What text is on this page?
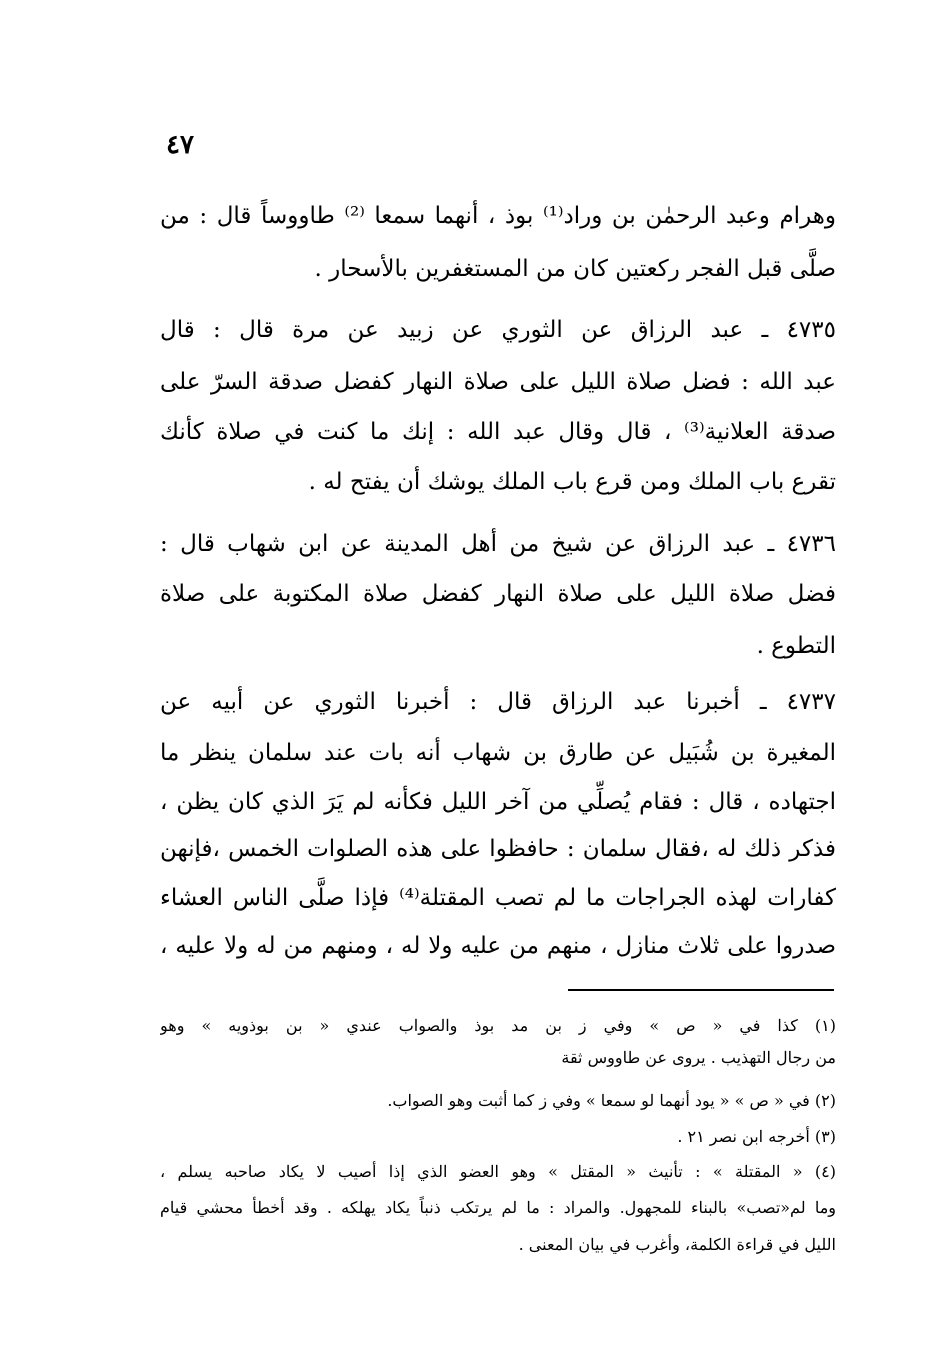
٤٧
وهرام وعبد الرحمٰن بن وراد⁽¹⁾ بوذ ، أنهما سمعا ⁽²⁾ طاووساً قال : من
صلَّى قبل الفجر ركعتين كان من المستغفرين بالأسحار .
٤٧٣٥ ـ عبد الرزاق عن الثوري عن زبيد عن مرة قال : قال
عبد الله : فضل صلاة الليل على صلاة النهار كفضل صدقة السرّ على
صدقة العلانية⁽³⁾ ، قال وقال عبد الله : إنك ما كنت في صلاة كأنك
تقرع باب الملك ومن قرع باب الملك يوشك أن يفتح له .
٤٧٣٦ ـ عبد الرزاق عن شيخ من أهل المدينة عن ابن شهاب قال :
فضل صلاة الليل على صلاة النهار كفضل صلاة المكتوبة على صلاة
التطوع .
٤٧٣٧ ـ أخبرنا عبد الرزاق قال : أخبرنا الثوري عن أبيه عن
المغيرة بن شُبَيل عن طارق بن شهاب أنه بات عند سلمان ينظر ما
اجتهاده ، قال : فقام يُصلِّي من آخر الليل فكأنه لم يَرَ الذي كان يظن ،
فذكر ذلك له ،فقال سلمان : حافظوا على هذه الصلوات الخمس ،فإنهن
كفارات لهذه الجراجات ما لم تصب المقتلة⁽⁴⁾ فإذا صلَّى الناس العشاء
صدروا على ثلاث منازل ، منهم من عليه ولا له ، ومنهم من له ولا عليه ،
(١) كذا في « ص » وفي ز بن مد بوذ والصواب عندي « بن بوذويه » وهو
من رجال التهذيب . يروى عن طاووس ثقة
(٢) في « ص » « يود أنهما لو سمعا » وفي ز كما أثبت وهو الصواب.
(٣) أخرجه ابن نصر ٢١ .
(٤) « المقتلة » : تأنيث « المقتل » وهو العضو الذي إذا أصيب لا يكاد صاحبه يسلم ،
وما لم«تصب» بالبناء للمجهول. والمراد : ما لم يرتكب ذنباً يكاد يهلكه . وقد أخطأ محشي قيام
الليل في قراءة الكلمة، وأغرب في بيان المعنى .
